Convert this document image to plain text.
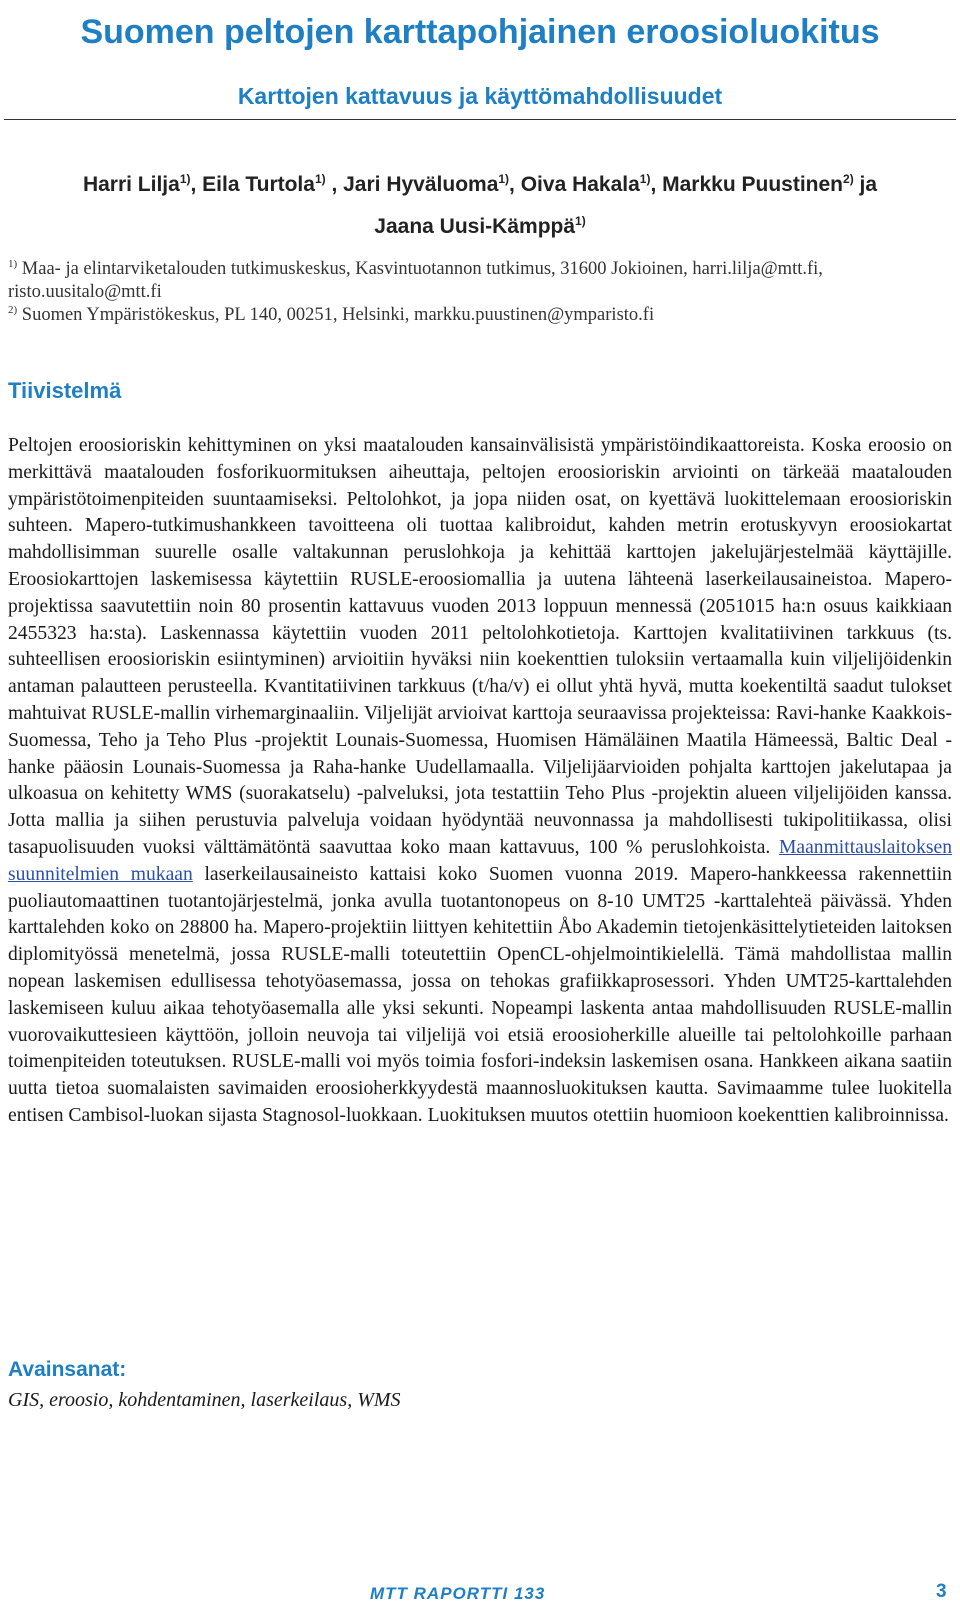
Suomen peltojen karttapohjainen eroosioluokitus
Karttojen kattavuus ja käyttömahdollisuudet
Harri Lilja$^{1)}$, Eila Turtola$^{1)}$ , Jari Hyväluoma$^{1)}$, Oiva Hakala$^{1)}$, Markku Puustinen$^{2)}$ ja
Jaana Uusi-Kämppä$^{1)}$
$^{1)}$ Maa- ja elintarviketalouden tutkimuskeskus, Kasvintuotannon tutkimus, 31600 Jokioinen, harri.lilja@mtt.fi, risto.uusitalo@mtt.fi
$^{2)}$ Suomen Ympäristökeskus, PL 140, 00251, Helsinki, markku.puustinen@ymparisto.fi
Tiivistelmä

Peltojen eroosioriskin kehittyminen on yksi maatalouden kansainvälisistä ympäristöindikaattoreista. Koska eroosio on merkittävä maatalouden fosforikuormituksen aiheuttaja, peltojen eroosioriskin arviointi on tärkeää maatalouden ympäristötoimenpiteiden suuntaamiseksi. Peltolohkot, ja jopa niiden osat, on kyettävä luokittelemaan eroosioriskin suhteen. Mapero-tutkimushankkeen tavoitteena oli tuottaa kalibroidut, kahden metrin erotuskyvyn eroosiokartat mahdollisimman suurelle osalle valtakunnan peruslohkoja ja kehittää karttojen jakelujärjestelmää käyttäjille. Eroosiokarttojen laskemisessa käytettiin RUSLE-eroosiomallia ja uutena lähteenä laserkeilausaineistoa. Mapero-projektissa saavutettiin noin 80 prosentin kattavuus vuoden 2013 loppuun mennessä (2051015 ha:n osuus kaikkiaan 2455323 ha:sta). Laskennassa käytettiin vuoden 2011 peltolohkotietoja. Karttojen kvalitatiivinen tarkkuus (ts. suhteellisen eroosioriskin esiintyminen) arvioitiin hyväksi niin koekenttien tuloksiin vertaamalla kuin viljelijöidenkin antaman palautteen perusteella. Kvantitatiivinen tarkkuus (t/ha/v) ei ollut yhtä hyvä, mutta koekentiltä saadut tulokset mahtuivat RUSLE-mallin virhemarginaaliin. Viljelijät arvioivat karttoja seuraavissa projekteissa: Ravi-hanke Kaakkois-Suomessa, Teho ja Teho Plus -projektit Lounais-Suomessa, Huomisen Hämäläinen Maatila Hämeessä, Baltic Deal -hanke pääosin Lounais-Suomessa ja Raha-hanke Uudellamaalla. Viljelijäarvioiden pohjalta karttojen jakelutapaa ja ulkoasua on kehitetty WMS (suorakatselu) -palveluksi, jota testattiin Teho Plus -projektin alueen viljelijöiden kanssa. Jotta mallia ja siihen perustuvia palveluja voidaan hyödyntää neuvonnassa ja mahdollisesti tukipolitiikassa, olisi tasapuolisuuden vuoksi välttämätöntä saavuttaa koko maan kattavuus, 100 % peruslohkoista. Maanmittauslaitoksen suunnitelmien mukaan laserkeilausaineisto kattaisi koko Suomen vuonna 2019. Mapero-hankkeessa rakennettiin puoliautomaattinen tuotantojärjestelmä, jonka avulla tuotantonopeus on 8-10 UMT25 -karttalehteä päivässä. Yhden karttalehden koko on 28800 ha. Mapero-projektiin liittyen kehitettiin Åbo Akademin tietojenkäsittelytieteiden laitoksen diplomityössä menetelmä, jossa RUSLE-malli toteutettiin OpenCL-ohjelmointikielellä. Tämä mahdollistaa mallin nopean laskemisen edullisessa tehotyöasemassa, jossa on tehokas grafiikkaprosessori. Yhden UMT25-karttalehden laskemiseen kuluu aikaa tehotyöasemalla alle yksi sekunti. Nopeampi laskenta antaa mahdollisuuden RUSLE-mallin vuorovaikuttesieen käyttöön, jolloin neuvoja tai viljelijä voi etsiä eroosioherkille alueille tai peltolohkoille parhaan toimenpiteiden toteutuksen. RUSLE-malli voi myös toimia fosfori-indeksin laskemisen osana. Hankkeen aikana saatiin uutta tietoa suomalaisten savimaiden eroosioherkkyydestä maannosluokituksen kautta. Savimaamme tulee luokitella entisen Cambisol-luokan sijasta Stagnosol-luokkaan. Luokituksen muutos otettiin huomioon koekenttien kalibroinnissa.

Avainsanat:
GIS, eroosio, kohdentaminen, laserkeilaus, WMS
MTT RAPORTTI 133	3
